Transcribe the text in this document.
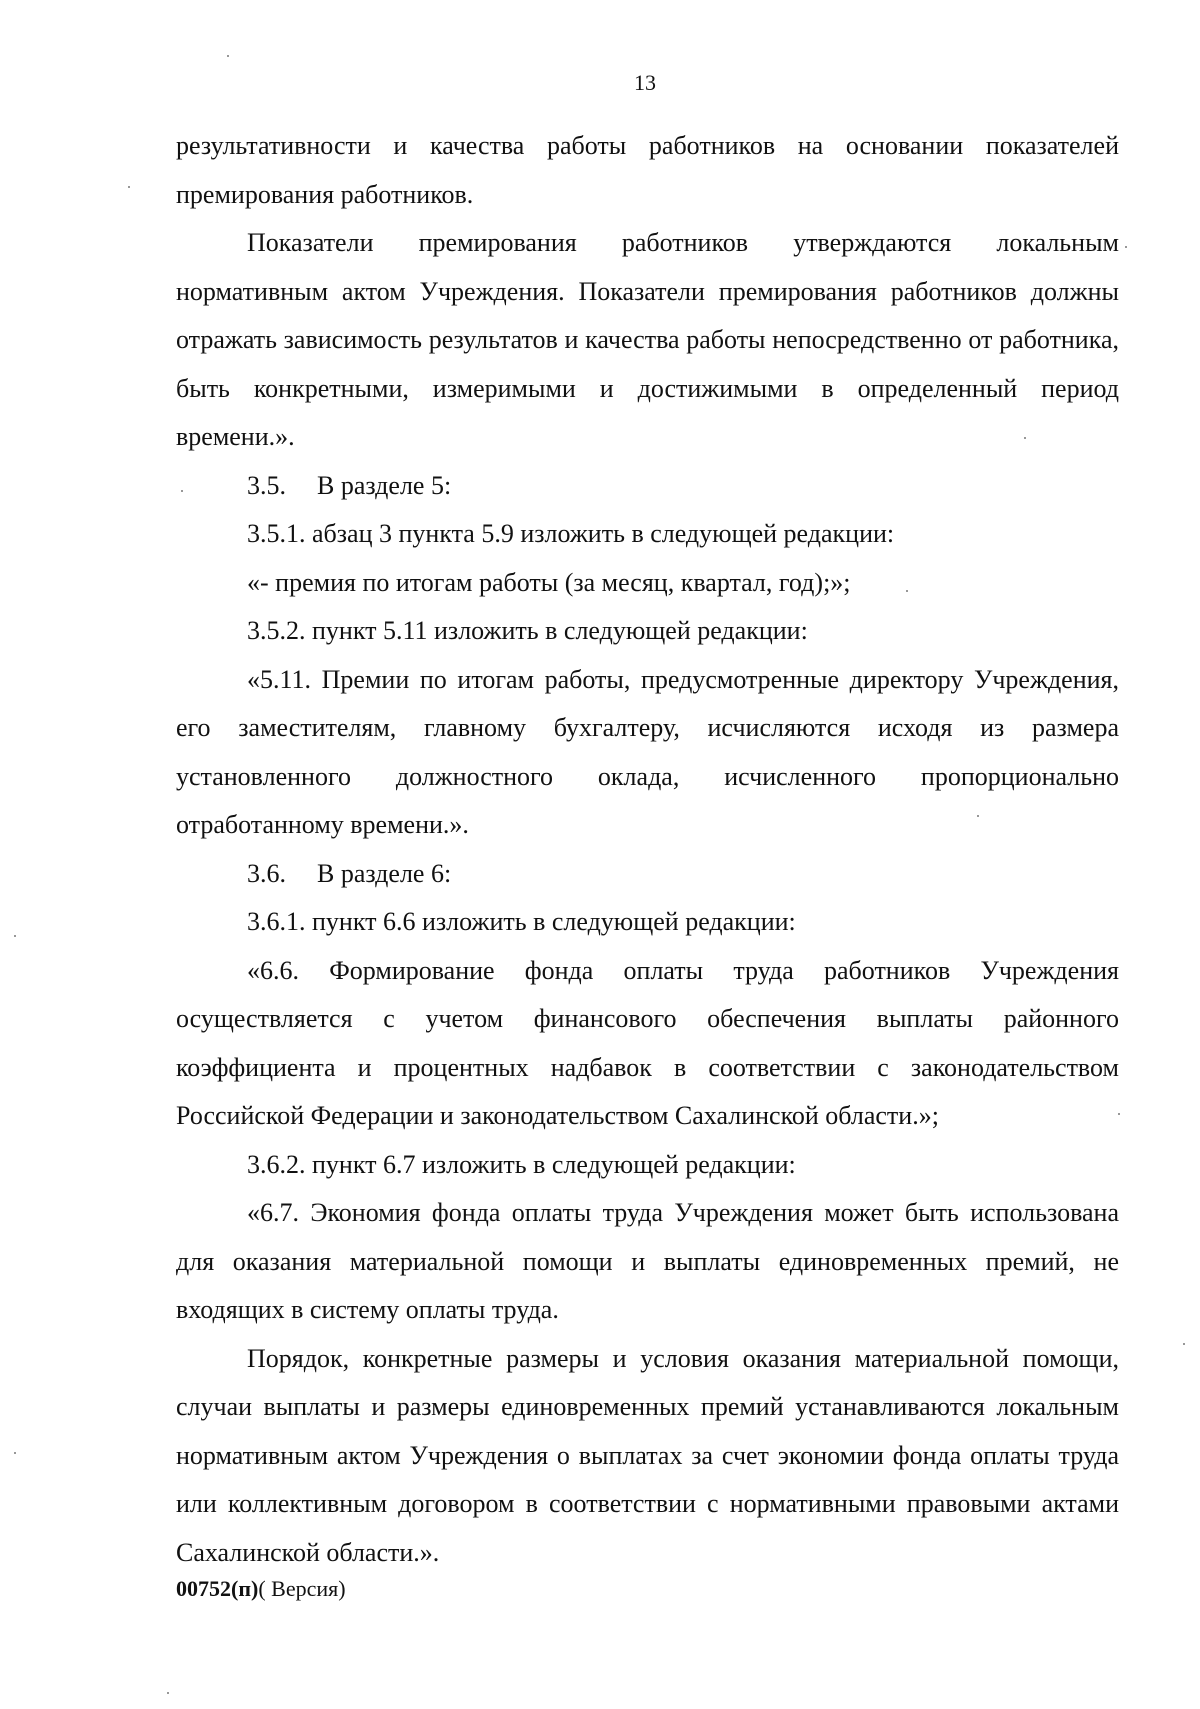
13

результативности и качества работы работников на основании показателей премирования работников.

Показатели премирования работников утверждаются локальным нормативным актом Учреждения. Показатели премирования работников должны отражать зависимость результатов и качества работы непосредственно от работника, быть конкретными, измеримыми и достижимыми в определенный период времени.».

3.5. В разделе 5:

3.5.1. абзац 3 пункта 5.9 изложить в следующей редакции:

«- премия по итогам работы (за месяц, квартал, год);»;

3.5.2. пункт 5.11 изложить в следующей редакции:

«5.11. Премии по итогам работы, предусмотренные директору Учреждения, его заместителям, главному бухгалтеру, исчисляются исходя из размера установленного должностного оклада, исчисленного пропорционально отработанному времени.».

3.6. В разделе 6:

3.6.1. пункт 6.6 изложить в следующей редакции:

«6.6. Формирование фонда оплаты труда работников Учреждения осуществляется с учетом финансового обеспечения выплаты районного коэффициента и процентных надбавок в соответствии с законодательством Российской Федерации и законодательством Сахалинской области.»;

3.6.2. пункт 6.7 изложить в следующей редакции:

«6.7. Экономия фонда оплаты труда Учреждения может быть использована для оказания материальной помощи и выплаты единовременных премий, не входящих в систему оплаты труда.

Порядок, конкретные размеры и условия оказания материальной помощи, случаи выплаты и размеры единовременных премий устанавливаются локальным нормативным актом Учреждения о выплатах за счет экономии фонда оплаты труда или коллективным договором в соответствии с нормативными правовыми актами Сахалинской области.».

00752(п)( Версия)
